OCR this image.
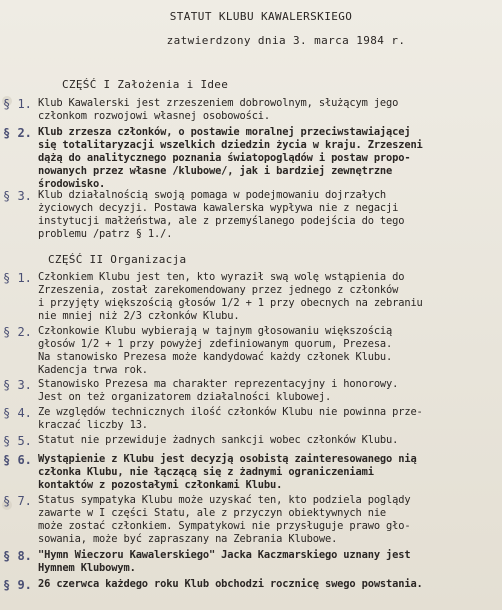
STATUT KLUBU KAWALERSKIEGO
zatwierdzony dnia 3. marca 1984 r.
CZĘŚĆ I Założenia i Idee
§ 1. Klub Kawalerski jest zrzeszeniem dobrowolnym, służącym jego
członkom rozwojowi własnej osobowości.
§ 2. Klub zrzesza członków, o postawie moralnej przeciwstawiającej
się totalitaryzacji wszelkich dziedzin życia w kraju. Zrzeszeni
dążą do analitycznego poznania światopoglądów i postaw propo-
nowanych przez własne /klubowe/, jak i bardziej zewnętrzne
środowisko.
§ 3. Klub działalnością swoją pomaga w podejmowaniu dojrzałych
życiowych decyzji. Postawa kawalerska wypływa nie z negacji
instytucji małżeństwa, ale z przemyślanego podejścia do tego
problemu /patrz § 1./.
CZĘŚĆ II Organizacja
§ 1. Członkiem Klubu jest ten, kto wyraził swą wolę wstąpienia do
Zrzeszenia, został zarekomendowany przez jednego z członków
i przyjęty większością głosów 1/2 + 1 przy obecnych na zebraniu
nie mniej niż 2/3 członków Klubu.
§ 2. Członkowie Klubu wybierają w tajnym głosowaniu większością
głosów 1/2 + 1 przy powyżej zdefiniowanym quorum, Prezesa.
Na stanowisko Prezesa może kandydować każdy członek Klubu.
Kadencja trwa rok.
§ 3. Stanowisko Prezesa ma charakter reprezentacyjny i honorowy.
Jest on też organizatorem działalności klubowej.
§ 4. Ze względów technicznych ilość członków Klubu nie powinna prze-
kraczać liczby 13.
§ 5. Statut nie przewiduje żadnych sankcji wobec członków Klubu.
§ 6. Wystąpienie z Klubu jest decyzją osobistą zainteresowanego nią
członka Klubu, nie łączącą się z żadnymi ograniczeniami
kontaktów z pozostałymi członkami Klubu.
§ 7. Status sympatyka Klubu może uzyskać ten, kto podziela poglądy
zawarte w I części Statu, ale z przyczyn obiektywnych nie
może zostać członkiem. Sympatykowi nie przysługuje prawo gło-
sowania, może być zapraszany na Zebrania Klubowe.
§ 8. "Hymn Wieczoru Kawalerskiego" Jacka Kaczmarskiego uznany jest
Hymnem Klubowym.
§ 9. 26 czerwca każdego roku Klub obchodzi rocznicę swego powstania.
